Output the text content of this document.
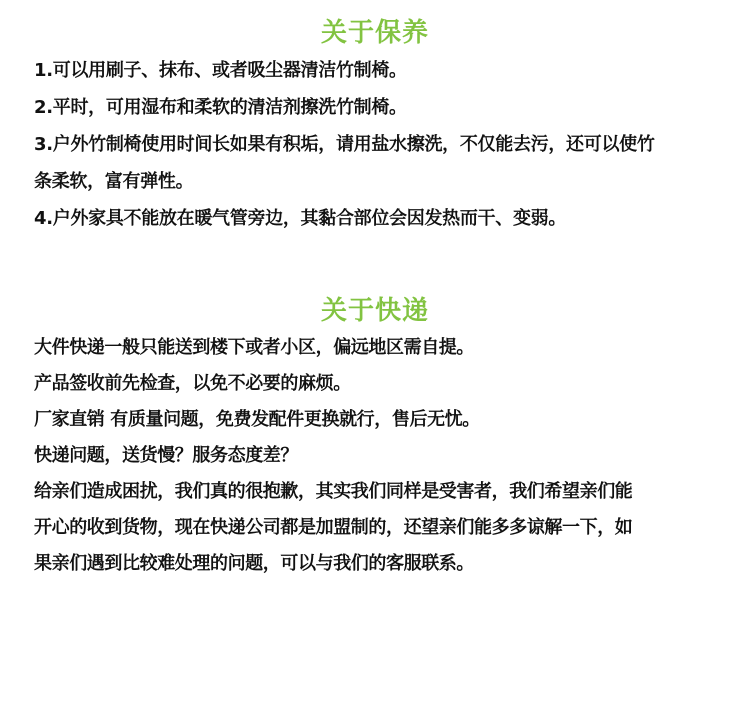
关于保养
1.可以用刷子、抹布、或者吸尘器清洁竹制椅。
2.平时，可用湿布和柔软的清洁剂擦洗竹制椅。
3.户外竹制椅使用时间长如果有积垢，请用盐水擦洗，不仅能去污，还可以使竹
条柔软，富有弹性。
4.户外家具不能放在暖气管旁边，其黏合部位会因发热而干、变弱。
关于快递
大件快递一般只能送到楼下或者小区，偏远地区需自提。
产品签收前先检查，以免不必要的麻烦。
厂家直销 有质量问题，免费发配件更换就行，售后无忧。
快递问题，送货慢？服务态度差？
给亲们造成困扰，我们真的很抱歉，其实我们同样是受害者，我们希望亲们能
开心的收到货物，现在快递公司都是加盟制的，还望亲们能多多谅解一下，如
果亲们遇到比较难处理的问题，可以与我们的客服联系。
